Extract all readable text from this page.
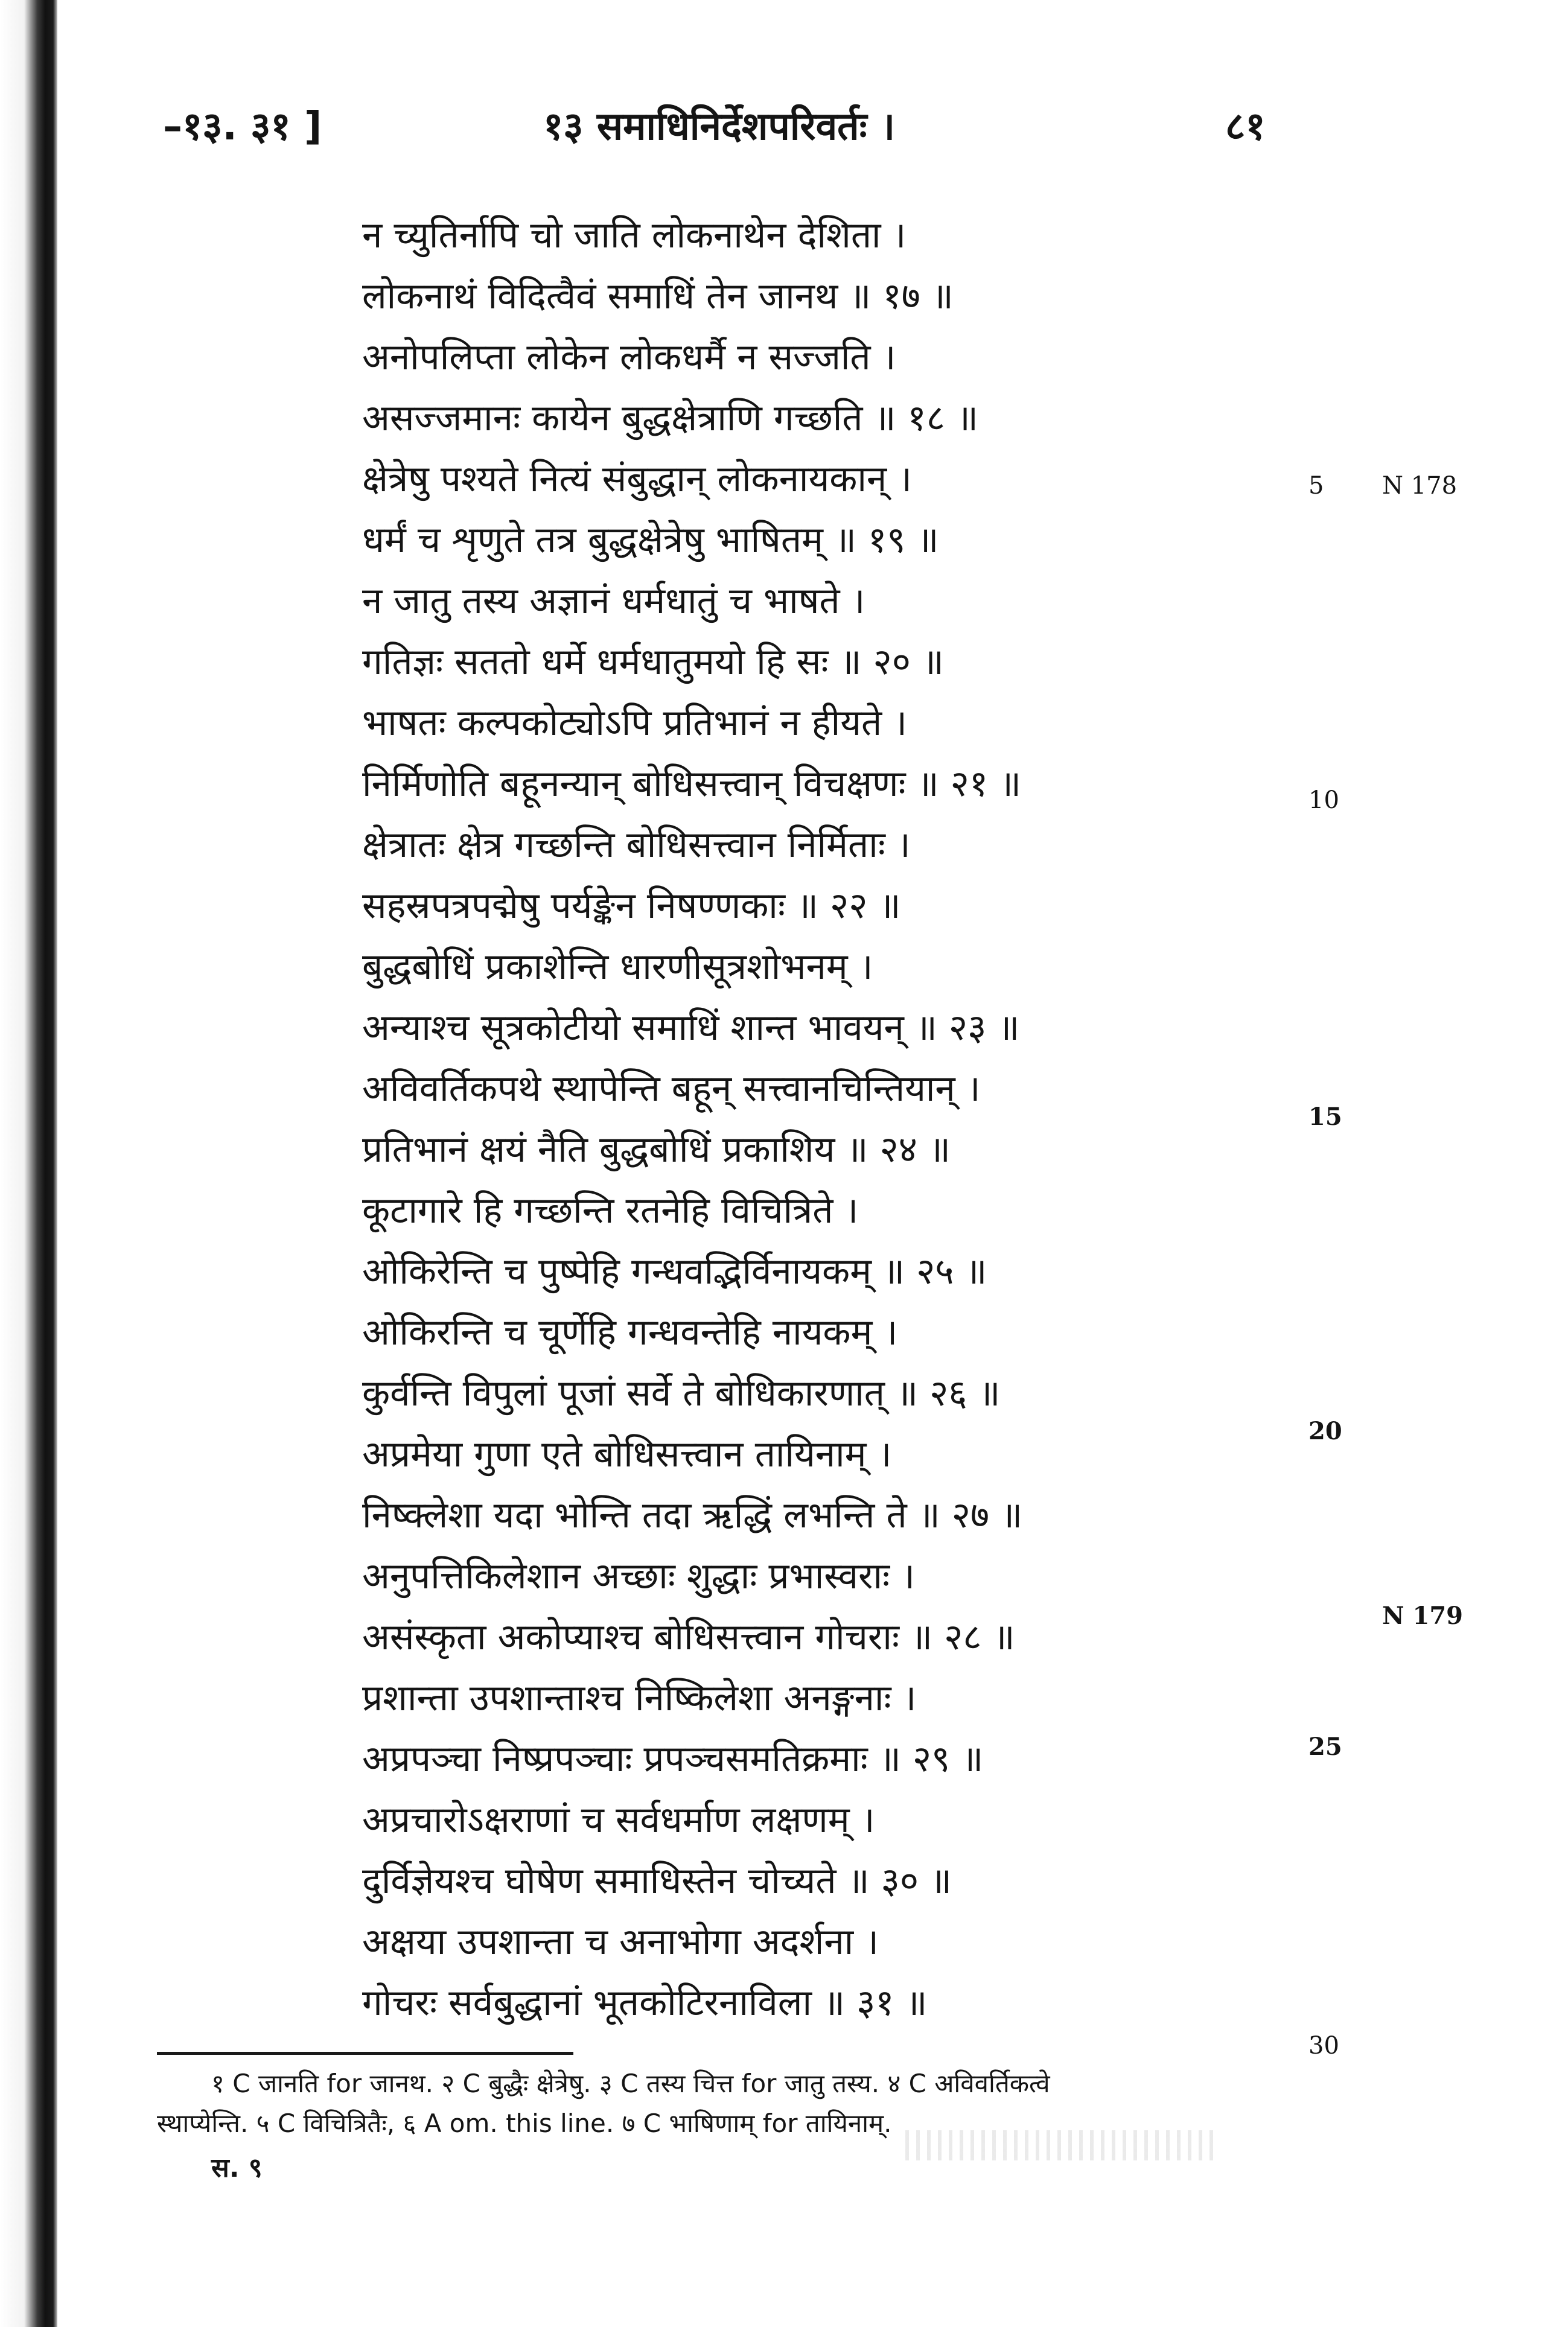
–१३. ३१ ]	१३ समाधिनिर्देशपरिवर्तः ।	८१
न च्युतिर्नापि चो जाति लोकनाथेन देशिता ।
लोकनाथं विदित्वैवं समाधिं तेन जानथ ॥ १७ ॥
अनोपलिप्ता लोकेन लोकधर्मै न सज्जति ।
असज्जमानः कायेन बुद्धक्षेत्राणि गच्छति ॥ १८ ॥
क्षेत्रेषु पश्यते नित्यं संबुद्धान् लोकनायकान् ।
धर्मं च शृणुते तत्र बुद्धक्षेत्रेषु भाषितम् ॥ १९ ॥
न जातु तस्य अज्ञानं धर्मधातुं च भाषते ।
गतिज्ञः सततो धर्मे धर्मधातुमयो हि सः ॥ २० ॥
भाषतः कल्पकोट्योऽपि प्रतिभानं न हीयते ।
निर्मिणोति बहूनन्यान् बोधिसत्त्वान् विचक्षणः ॥ २१ ॥
क्षेत्रातः क्षेत्र गच्छन्ति बोधिसत्त्वान निर्मिताः ।
सहस्रपत्रपद्मेषु पर्यङ्केन निषण्णकाः ॥ २२ ॥
बुद्धबोधिं प्रकाशेन्ति धारणीसूत्रशोभनम् ।
अन्याश्च सूत्रकोटीयो समाधिं शान्त भावयन् ॥ २३ ॥
अविवर्तिकपथे स्थापेन्ति बहून् सत्त्वानचिन्तियान् ।
प्रतिभानं क्षयं नैति बुद्धबोधिं प्रकाशिय ॥ २४ ॥
कूटागारे हि गच्छन्ति रतनेहि विचित्रिते ।
ओकिरेन्ति च पुष्पेहि गन्धवद्भिर्विनायकम् ॥ २५ ॥
ओकिरन्ति च चूर्णेहि गन्धवन्तेहि नायकम् ।
कुर्वन्ति विपुलां पूजां सर्वे ते बोधिकारणात् ॥ २६ ॥
अप्रमेया गुणा एते बोधिसत्त्वान तायिनाम् ।
निष्क्लेशा यदा भोन्ति तदा ऋद्धिं लभन्ति ते ॥ २७ ॥
अनुपत्तिकिलेशान अच्छाः शुद्धाः प्रभास्वराः ।
असंस्कृता अकोप्याश्च बोधिसत्त्वान गोचराः ॥ २८ ॥
प्रशान्ता उपशान्ताश्च निष्किलेशा अनङ्गनाः ।
अप्रपञ्चा निष्प्रपञ्चाः प्रपञ्चसमतिक्रमाः ॥ २९ ॥
अप्रचारोऽक्षराणां च सर्वधर्माण लक्षणम् ।
दुर्विज्ञेयश्च घोषेण समाधिस्तेन चोच्यते ॥ ३० ॥
अक्षया उपशान्ता च अनाभोगा अदर्शना ।
गोचरः सर्वबुद्धानां भूतकोटिरनाविला ॥ ३१ ॥
5
10
15
20
25
30
N 178
N 179

१ C जानति for जानथ. २ C बुद्धैः क्षेत्रेषु. ३ C तस्य चित्त for जातु तस्य. ४ C अविवर्तिकत्वे

स्थाप्येन्ति. ५ C विचित्रितैः, ६ A om. this line. ७ C भाषिणाम् for तायिनाम्.

स. ९
